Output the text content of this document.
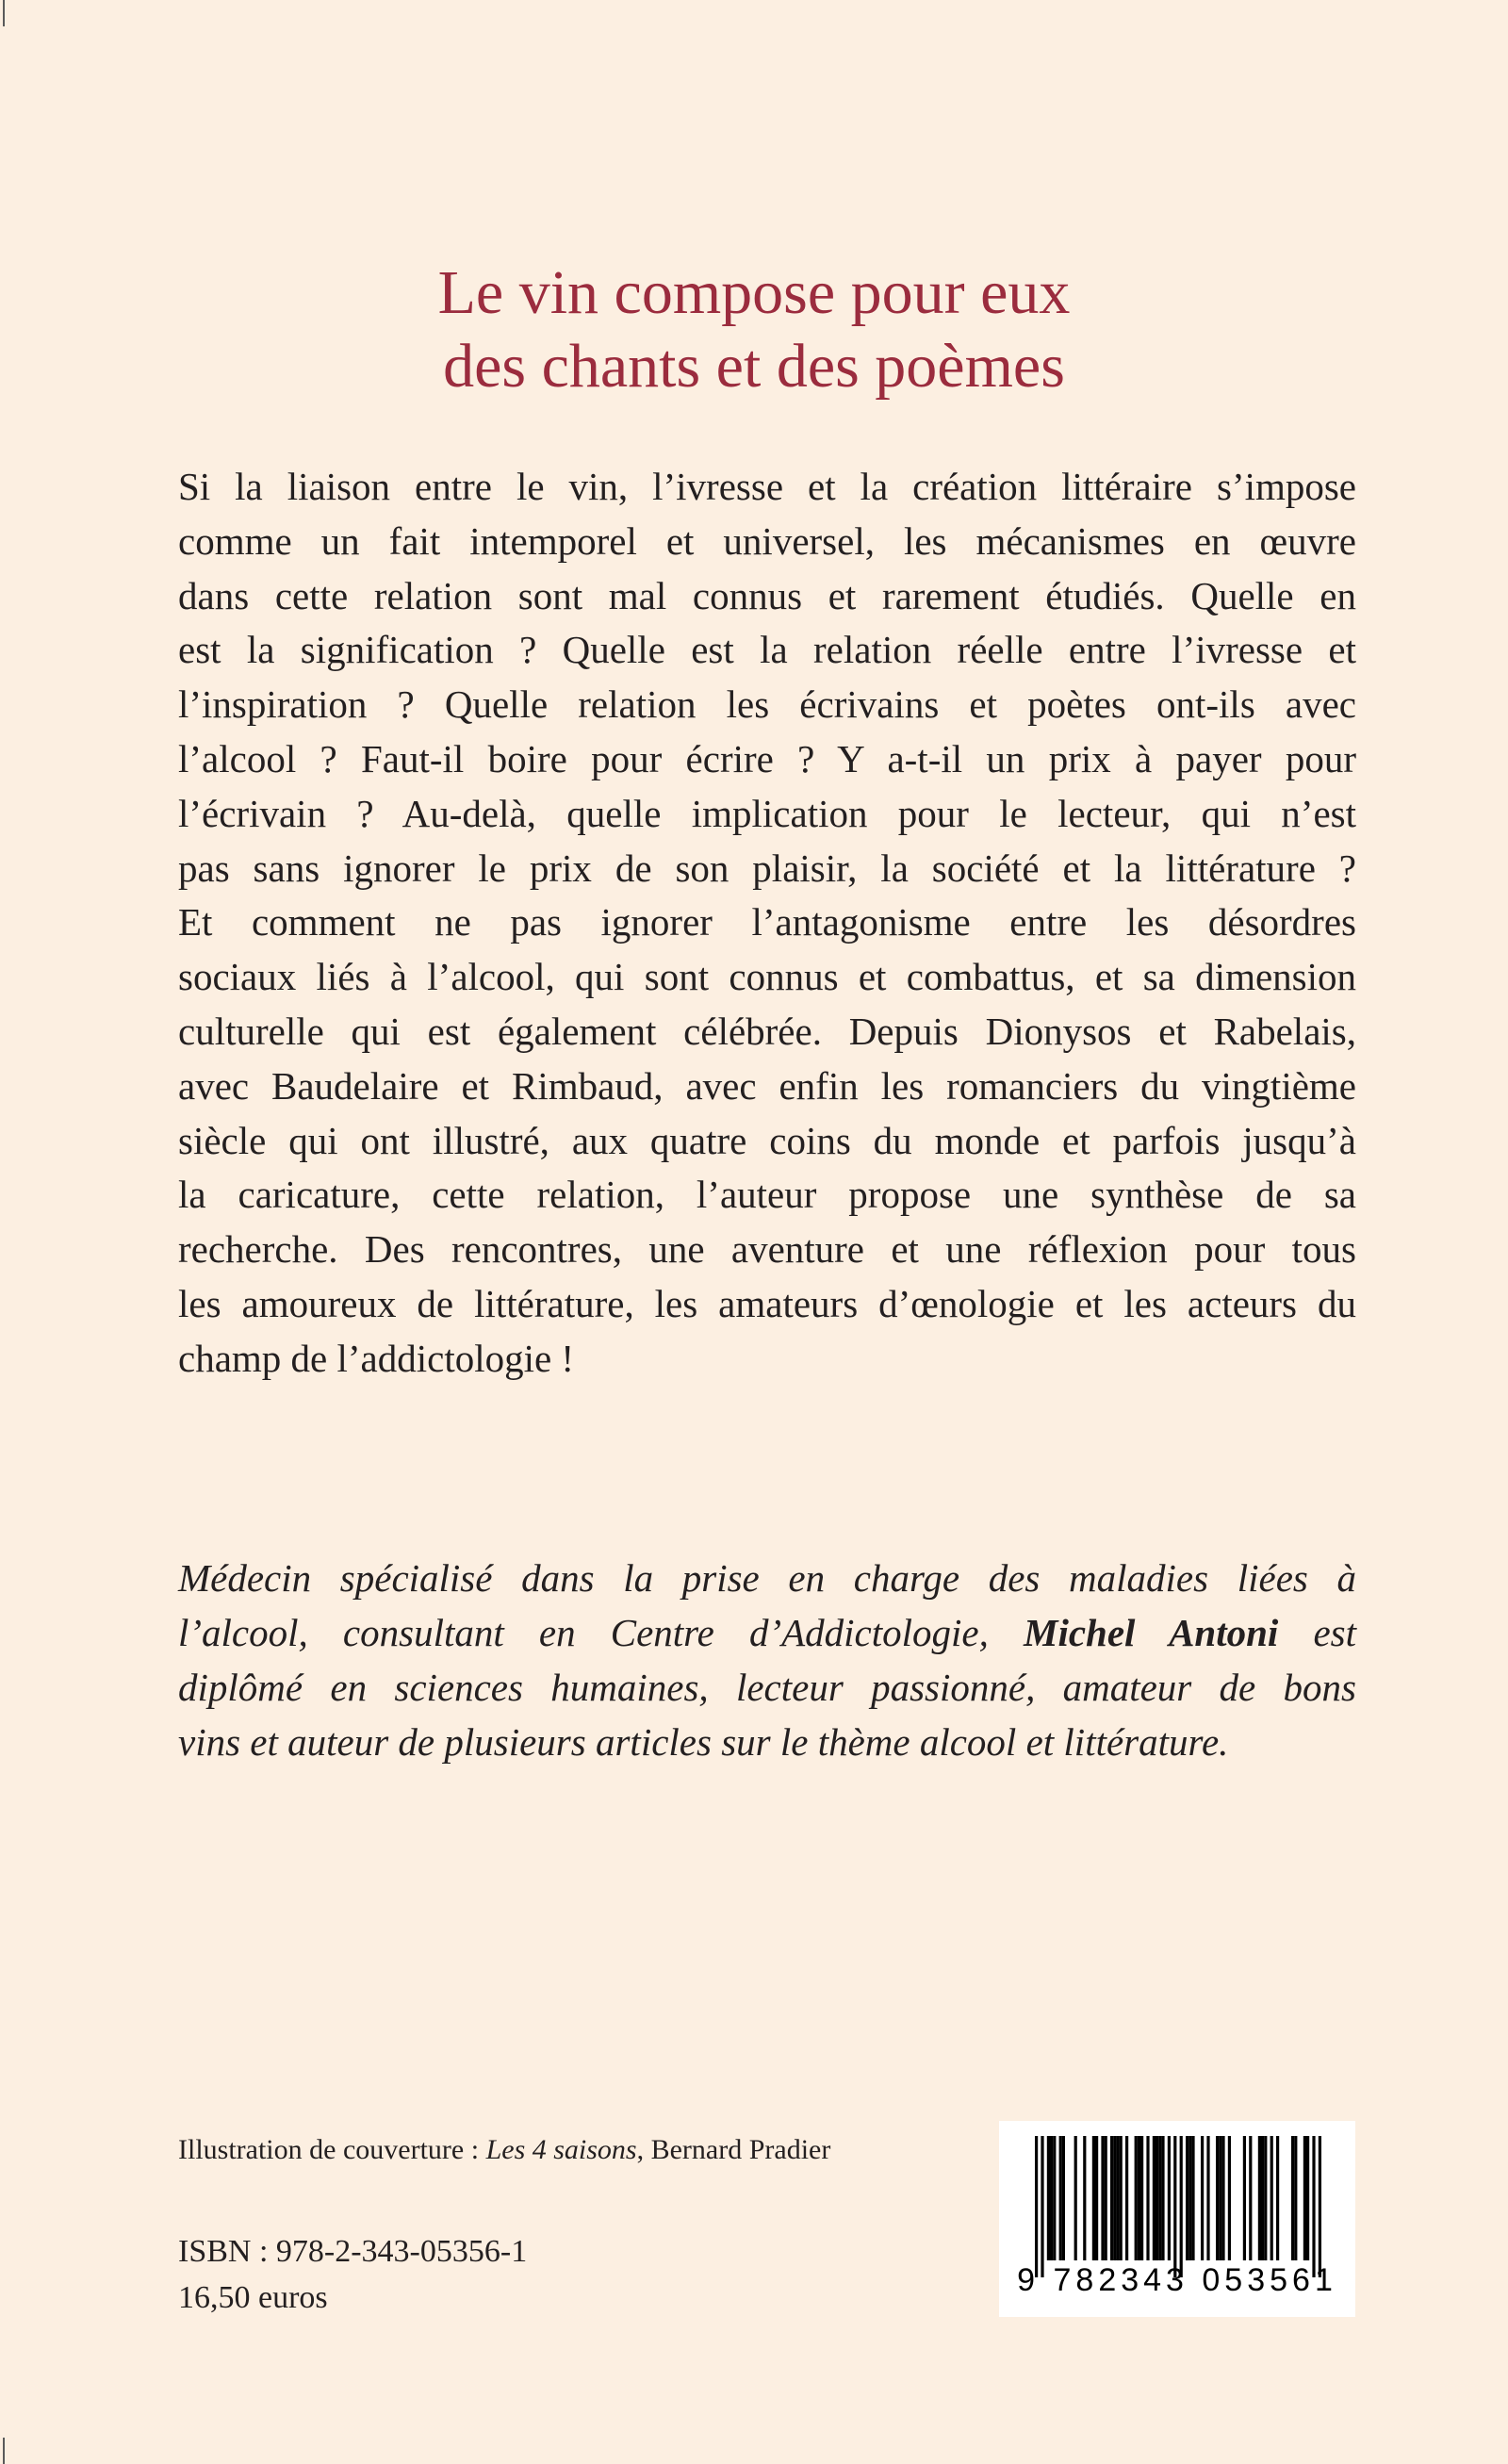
Le vin compose pour eux
des chants et des poèmes
Si la liaison entre le vin, l’ivresse et la création littéraire s’impose
comme un fait intemporel et universel, les mécanismes en œuvre
dans cette relation sont mal connus et rarement étudiés. Quelle en
est la signification ? Quelle est la relation réelle entre l’ivresse et
l’inspiration ? Quelle relation les écrivains et poètes ont-ils avec
l’alcool ? Faut-il boire pour écrire ? Y a-t-il un prix à payer pour
l’écrivain ? Au-delà, quelle implication pour le lecteur, qui n’est
pas sans ignorer le prix de son plaisir, la société et la littérature ?
Et comment ne pas ignorer l’antagonisme entre les désordres
sociaux liés à l’alcool, qui sont connus et combattus, et sa dimension
culturelle qui est également célébrée. Depuis Dionysos et Rabelais,
avec Baudelaire et Rimbaud, avec enfin les romanciers du vingtième
siècle qui ont illustré, aux quatre coins du monde et parfois jusqu’à
la caricature, cette relation, l’auteur propose une synthèse de sa
recherche. Des rencontres, une aventure et une réflexion pour tous
les amoureux de littérature, les amateurs d’œnologie et les acteurs du
champ de l’addictologie !
Médecin spécialisé dans la prise en charge des maladies liées à
l’alcool, consultant en Centre d’Addictologie, Michel Antoni est
diplômé en sciences humaines, lecteur passionné, amateur de bons
vins et auteur de plusieurs articles sur le thème alcool et littérature.
Illustration de couverture : Les 4 saisons, Bernard Pradier
ISBN : 978-2-343-05356-1
16,50 euros	9 782343 053561
